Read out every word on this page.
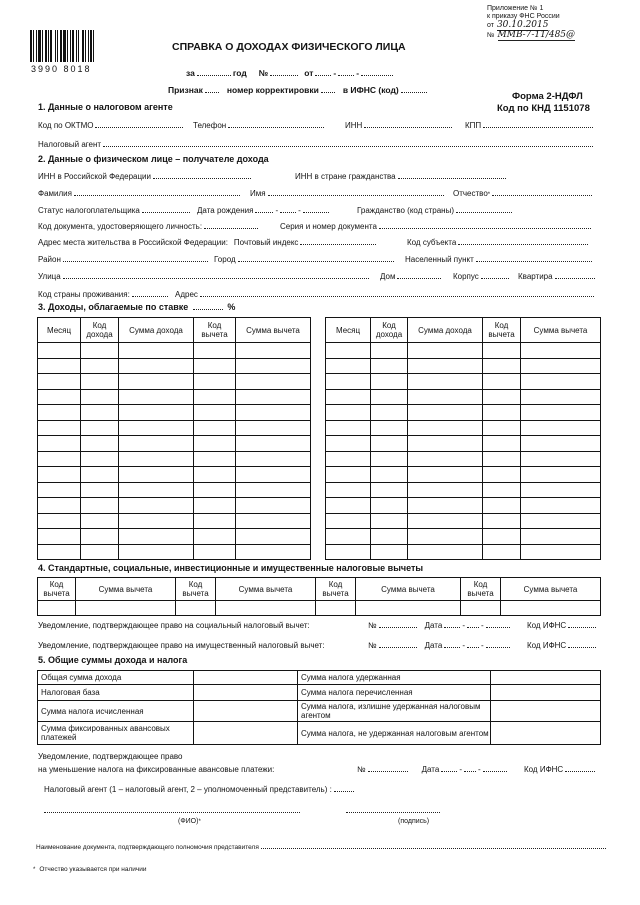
3990 8018
Приложение № 1
к приказу ФНС России
от 30.10.2015
№ ММВ-7-11/485@
СПРАВКА О ДОХОДАХ ФИЗИЧЕСКОГО ЛИЦА
за	год №	от - -
Признак	номер корректировки	в ИФНС (код)
Форма 2-НДФЛ
Код по КНД 1151078
1. Данные о налоговом агенте
Код по ОКТМО	Телефон	ИНН	КПП
Налоговый агент
2. Данные о физическом лице – получателе дохода
ИНН в Российской Федерации	ИНН в стране гражданства
Фамилия	Имя	Отчество *
Статус налогоплательщика	Дата рождения	-	-	Гражданство (код страны)
Код документа, удостоверяющего личность:	Серия и номер документа
Адрес места жительства в Российской Федерации: Почтовый индекс	Код субъекта
Район	Город	Населенный пункт
Улица	Дом	Корпус	Квартира
Код страны проживания:	Адрес
3. Доходы, облагаемые по ставке	%
Месяц	Код дохода	Сумма дохода	Код вычета	Сумма вычета

					Месяц	Код дохода	Сумма дохода	Код вычета	Сумма вычета

4. Стандартные, социальные, инвестиционные и имущественные налоговые вычеты
Код вычета	Сумма вычета	Код вычета	Сумма вычета	Код вычета	Сумма вычета	Код вычета	Сумма вычета

Уведомление, подтверждающее право на социальный налоговый вычет:	№	Дата	- -	Код ИФНС
Уведомление, подтверждающее право на имущественный налоговый вычет:	№	Дата	- -	Код ИФНС
5. Общие суммы дохода и налога
Общая сумма дохода		Сумма налога удержанная	
Налоговая база		Сумма налога перечисленная	
Сумма налога исчисленная		Сумма налога, излишне удержанная налоговым агентом	
Сумма фиксированных авансовых платежей		Сумма налога, не удержанная налоговым агентом	
Уведомление, подтверждающее право
на уменьшение налога на фиксированные авансовые платежи:	№	Дата	- -	Код ИФНС
Налоговый агент (1 – налоговый агент, 2 – уполномоченный представитель) :
(ФИО) *	(подпись)
Наименование документа, подтверждающего полномочия представителя
* Отчество указывается при наличии
